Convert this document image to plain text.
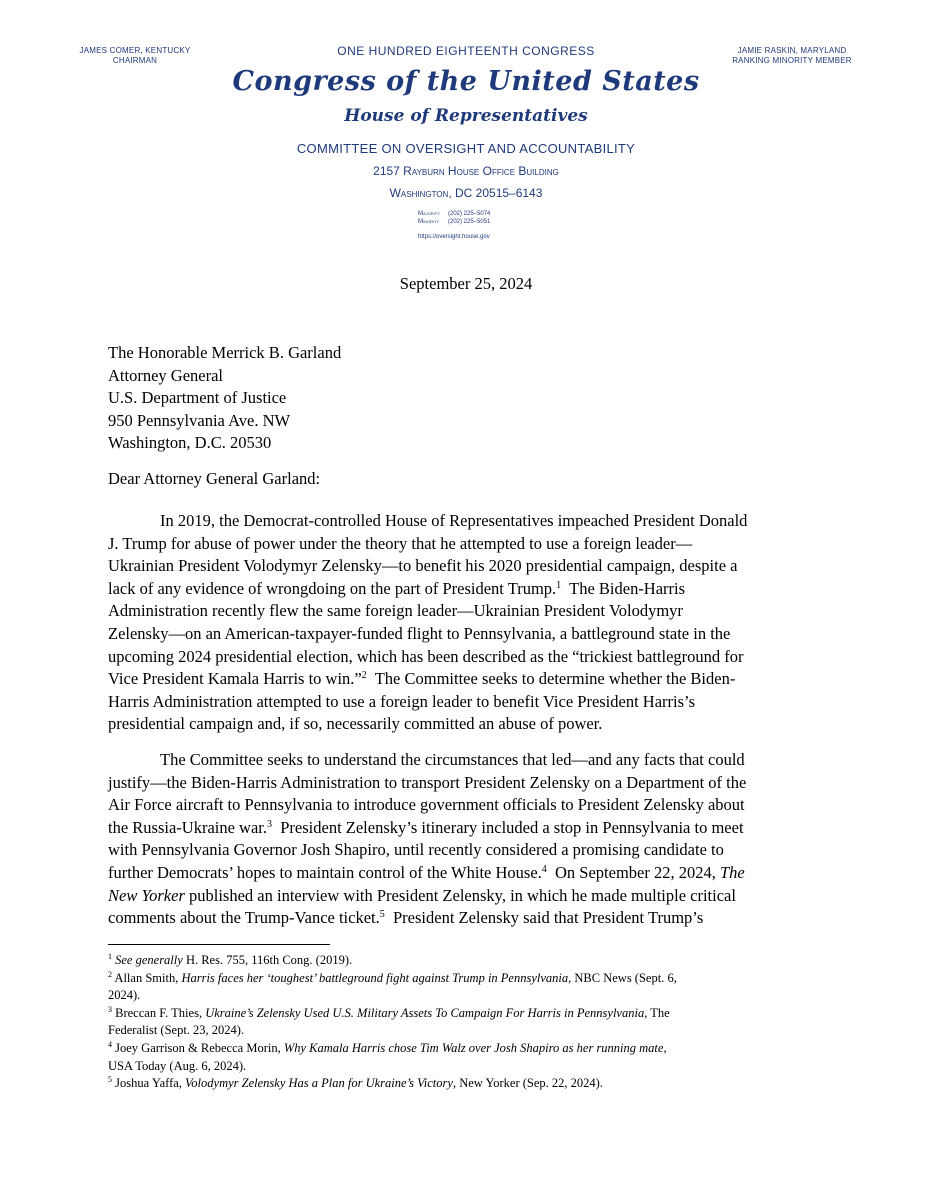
JAMES COMER, KENTUCKY
CHAIRMAN
JAMIE RASKIN, MARYLAND
RANKING MINORITY MEMBER
ONE HUNDRED EIGHTEENTH CONGRESS
Congress of the United States
House of Representatives
COMMITTEE ON OVERSIGHT AND ACCOUNTABILITY
2157 Rayburn House Office Building
Washington, DC 20515–6143
Majority (202) 225–5074
Minority (202) 225–5051
https://oversight.house.gov
September 25, 2024
The Honorable Merrick B. Garland
Attorney General
U.S. Department of Justice
950 Pennsylvania Ave. NW
Washington, D.C. 20530
Dear Attorney General Garland:
In 2019, the Democrat-controlled House of Representatives impeached President Donald
J. Trump for abuse of power under the theory that he attempted to use a foreign leader—
Ukrainian President Volodymyr Zelensky—to benefit his 2020 presidential campaign, despite a
lack of any evidence of wrongdoing on the part of President Trump.$^1$  The Biden-Harris
Administration recently flew the same foreign leader—Ukrainian President Volodymyr
Zelensky—on an American-taxpayer-funded flight to Pennsylvania, a battleground state in the
upcoming 2024 presidential election, which has been described as the “trickiest battleground for
Vice President Kamala Harris to win.”$^2$  The Committee seeks to determine whether the Biden-
Harris Administration attempted to use a foreign leader to benefit Vice President Harris’s
presidential campaign and, if so, necessarily committed an abuse of power.
The Committee seeks to understand the circumstances that led—and any facts that could
justify—the Biden-Harris Administration to transport President Zelensky on a Department of the
Air Force aircraft to Pennsylvania to introduce government officials to President Zelensky about
the Russia-Ukraine war.$^3$  President Zelensky’s itinerary included a stop in Pennsylvania to meet
with Pennsylvania Governor Josh Shapiro, until recently considered a promising candidate to
further Democrats’ hopes to maintain control of the White House.$^4$  On September 22, 2024, The
New Yorker published an interview with President Zelensky, in which he made multiple critical
comments about the Trump-Vance ticket.$^5$  President Zelensky said that President Trump’s
$^1$ See generally H. Res. 755, 116th Cong. (2019).
$^2$ Allan Smith, Harris faces her ‘toughest’ battleground fight against Trump in Pennsylvania, NBC News (Sept. 6,
2024).
$^3$ Breccan F. Thies, Ukraine’s Zelensky Used U.S. Military Assets To Campaign For Harris in Pennsylvania, The
Federalist (Sept. 23, 2024).
$^4$ Joey Garrison & Rebecca Morin, Why Kamala Harris chose Tim Walz over Josh Shapiro as her running mate,
USA Today (Aug. 6, 2024).
$^5$ Joshua Yaffa, Volodymyr Zelensky Has a Plan for Ukraine’s Victory, New Yorker (Sep. 22, 2024).
